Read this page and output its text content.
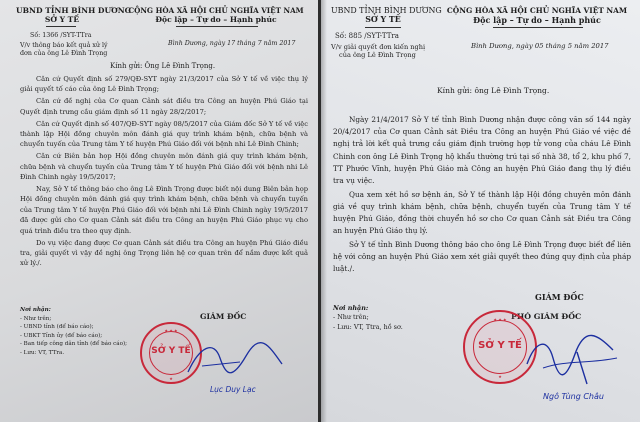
UBND TỈNH BÌNH DƯƠNG
SỞ Y TẾ
CỘNG HÒA XÃ HỘI CHỦ NGHĨA VIỆT NAM
Độc lập – Tự do – Hạnh phúc
Số: 1366 /SYT-TTra
V/v thông báo kết quả xử lý
đơn của ông Lê Đình Trọng
Bình Dương, ngày 17 tháng 7 năm 2017
Kính gửi: Ông Lê Đình Trọng.

Căn cứ Quyết định số 279/QĐ-SYT ngày 21/3/2017 của Sở Y tế về việc thụ lý giải quyết tố cáo của ông Lê Đình Trọng;

Căn cứ đề nghị của Cơ quan Cảnh sát điều tra Công an huyện Phú Giáo tại Quyết định trưng cầu giám định số 11 ngày 28/2/2017;

Căn cứ Quyết định số 407/QĐ-SYT ngày 08/5/2017 của Giám đốc Sở Y tế về việc thành lập Hội đồng chuyên môn đánh giá quy trình khám bệnh, chữa bệnh và chuyển tuyến của Trung tâm Y tế huyện Phú Giáo đối với bệnh nhi Lê Đình Chinh;

Căn cứ Biên bản họp Hội đồng chuyên môn đánh giá quy trình khám bệnh, chữa bệnh và chuyển tuyến của Trung tâm Y tế huyện Phú Giáo đối với bệnh nhi Lê Đình Chinh ngày 19/5/2017;

Nay, Sở Y tế thông báo cho ông Lê Đình Trọng được biết nội dung Biên bản họp Hội đồng chuyên môn đánh giá quy trình khám bệnh, chữa bệnh và chuyển tuyến của Trung tâm Y tế huyện Phú Giáo đối với bệnh nhi Lê Đình Chinh ngày 19/5/2017 đã được gửi cho Cơ quan Cảnh sát điều tra Công an huyện Phú Giáo phục vụ cho quá trình điều tra theo quy định.

Do vụ việc đang được Cơ quan Cảnh sát điều tra Công an huyện Phú Giáo điều tra, giải quyết vì vậy đề nghị ông Trọng liên hệ cơ quan trên để nắm được kết quả xử lý./.

Nơi nhận:
- Như trên;
- UBND tỉnh (để báo cáo);
- UBKT Tỉnh ủy (để báo cáo);
- Ban tiếp công dân tỉnh (để báo cáo);
- Lưu: VT, TTra.
GIÁM ĐỐC
★ ★ ★
SỞ Y TẾ
★
Lục Duy Lạc
UBND TỈNH BÌNH DƯƠNG
SỞ Y TẾ
CỘNG HÒA XÃ HỘI CHỦ NGHĨA VIỆT NAM
Độc lập – Tự do – Hạnh phúc
Số: 885 /SYT-TTra
V/v giải quyết đơn kiến nghị
của ông Lê Đình Trọng
Bình Dương, ngày 05 tháng 5 năm 2017
Kính gửi: ông Lê Đình Trọng.

Ngày 21/4/2017 Sở Y tế tỉnh Bình Dương nhận được công văn số 144 ngày 20/4/2017 của Cơ quan Cảnh sát Điều tra Công an huyện Phú Giáo về việc đề nghị trả lời kết quả trưng cầu giám định trường hợp tử vong của cháu Lê Đình Chinh con ông Lê Đình Trọng hộ khẩu thường trú tại số nhà 38, tổ 2, khu phố 7, TT Phước Vĩnh, huyện Phú Giáo mà Công an huyện Phú Giáo đang thụ lý điều tra vụ việc.

Qua xem xét hồ sơ bệnh án, Sở Y tế thành lập Hội đồng chuyên môn đánh giá về quy trình khám bệnh, chữa bệnh, chuyển tuyến của Trung tâm Y tế huyện Phú Giáo, đồng thời chuyển hồ sơ cho Cơ quan Cảnh sát Điều tra Công an huyện Phú Giáo thụ lý.

Sở Y tế tỉnh Bình Dương thông báo cho ông Lê Đình Trọng được biết để liên hệ với công an huyện Phú Giáo xem xét giải quyết theo đúng quy định của pháp luật./.

Nơi nhận:
- Như trên;
- Lưu: VT, Ttra, hồ sơ.
GIÁM ĐỐC
PHÓ GIÁM ĐỐC
★ ★ ★
SỞ Y TẾ
★
Ngô Tùng Châu
